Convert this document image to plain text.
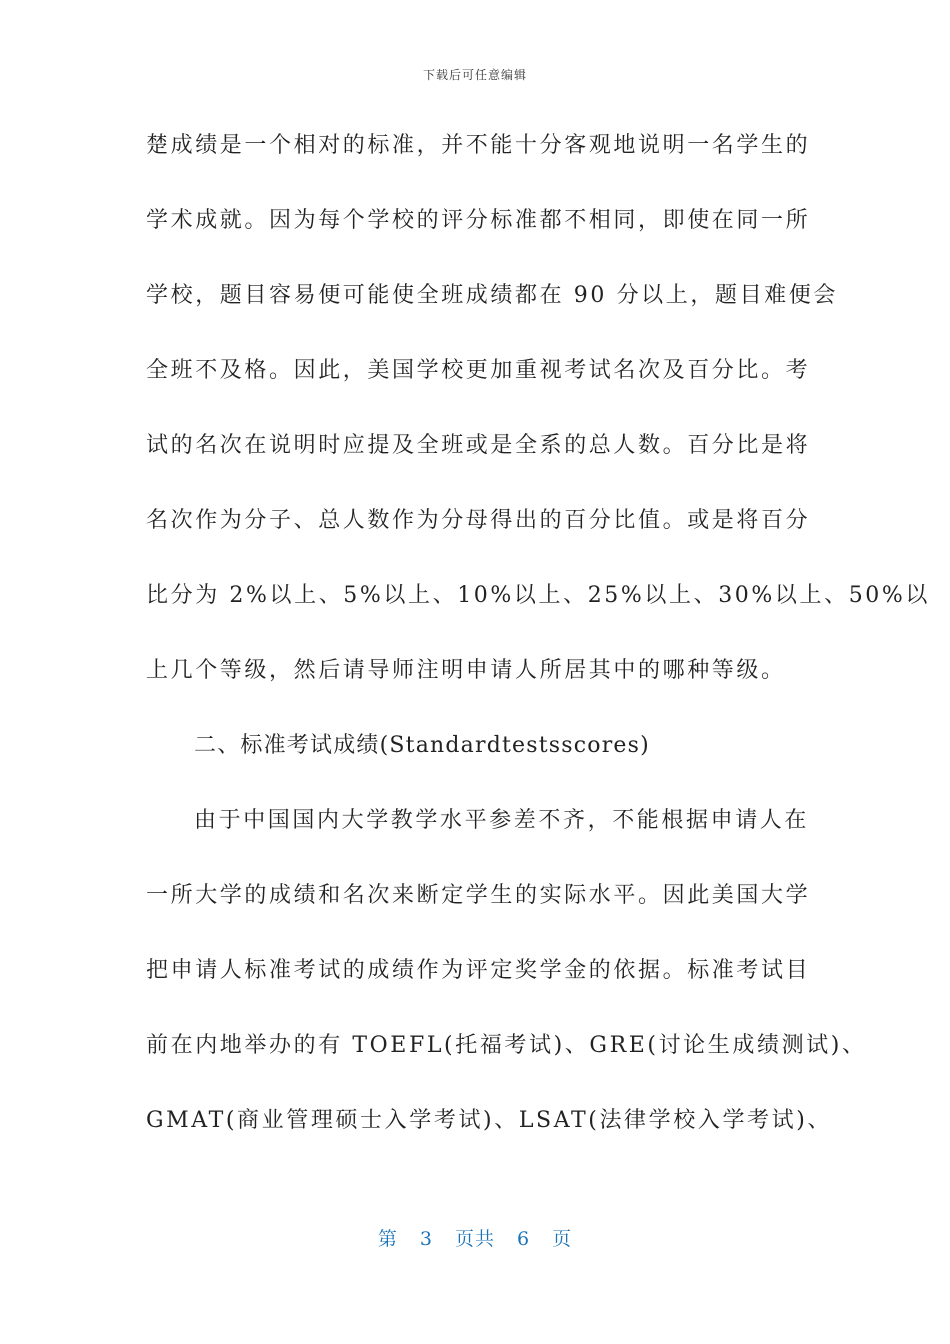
下载后可任意编辑
楚成绩是一个相对的标准，并不能十分客观地说明一名学生的
学术成就。因为每个学校的评分标准都不相同，即使在同一所
学校，题目容易便可能使全班成绩都在 90 分以上，题目难便会
全班不及格。因此，美国学校更加重视考试名次及百分比。考
试的名次在说明时应提及全班或是全系的总人数。百分比是将
名次作为分子、总人数作为分母得出的百分比值。或是将百分
比分为 2%以上、5%以上、10%以上、25%以上、30%以上、50%以
上几个等级，然后请导师注明申请人所居其中的哪种等级。
二、标准考试成绩(Standardtestsscores)
由于中国国内大学教学水平参差不齐，不能根据申请人在
一所大学的成绩和名次来断定学生的实际水平。因此美国大学
把申请人标准考试的成绩作为评定奖学金的依据。标准考试目
前在内地举办的有 TOEFL(托福考试)、GRE(讨论生成绩测试)、
GMAT(商业管理硕士入学考试)、LSAT(法律学校入学考试)、
第 3 页共 6 页
